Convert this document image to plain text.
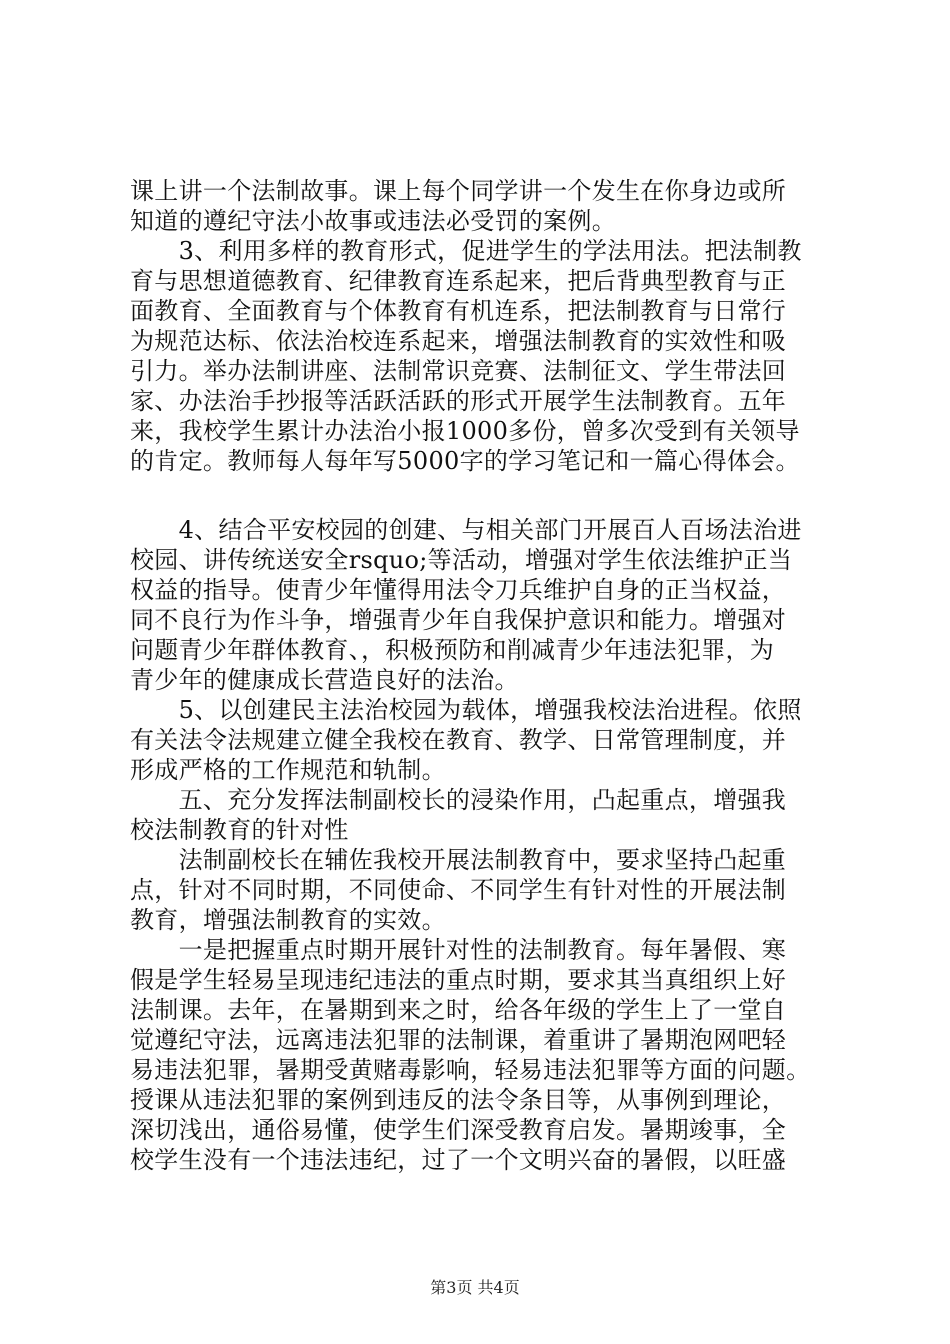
课上讲一个法制故事。课上每个同学讲一个发生在你身边或所
知道的遵纪守法小故事或违法必受罚的案例。
　　3、利用多样的教育形式，促进学生的学法用法。把法制教
育与思想道德教育、纪律教育连系起来，把后背典型教育与正
面教育、全面教育与个体教育有机连系，把法制教育与日常行
为规范达标、依法治校连系起来，增强法制教育的实效性和吸
引力。举办法制讲座、法制常识竞赛、法制征文、学生带法回
家、办法治手抄报等活跃活跃的形式开展学生法制教育。五年
来，我校学生累计办法治小报1000多份，曾多次受到有关领导
的肯定。教师每人每年写5000字的学习笔记和一篇心得体会。
　　4、结合平安校园的创建、与相关部门开展百人百场法治进
校园、讲传统送安全rsquo;等活动，增强对学生依法维护正当
权益的指导。使青少年懂得用法令刀兵维护自身的正当权益，
同不良行为作斗争，增强青少年自我保护意识和能力。增强对
问题青少年群体教育、，积极预防和削减青少年违法犯罪，为
青少年的健康成长营造良好的法治。
　　5、以创建民主法治校园为载体，增强我校法治进程。依照
有关法令法规建立健全我校在教育、教学、日常管理制度，并
形成严格的工作规范和轨制。
　　五、充分发挥法制副校长的浸染作用，凸起重点，增强我
校法制教育的针对性
　　法制副校长在辅佐我校开展法制教育中，要求坚持凸起重
点，针对不同时期，不同使命、不同学生有针对性的开展法制
教育，增强法制教育的实效。
　　一是把握重点时期开展针对性的法制教育。每年暑假、寒
假是学生轻易呈现违纪违法的重点时期，要求其当真组织上好
法制课。去年，在暑期到来之时，给各年级的学生上了一堂自
觉遵纪守法，远离违法犯罪的法制课，着重讲了暑期泡网吧轻
易违法犯罪，暑期受黄赌毒影响，轻易违法犯罪等方面的问题。
授课从违法犯罪的案例到违反的法令条目等，从事例到理论，
深切浅出，通俗易懂，使学生们深受教育启发。暑期竣事，全
校学生没有一个违法违纪，过了一个文明兴奋的暑假，以旺盛
第3页 共4页
